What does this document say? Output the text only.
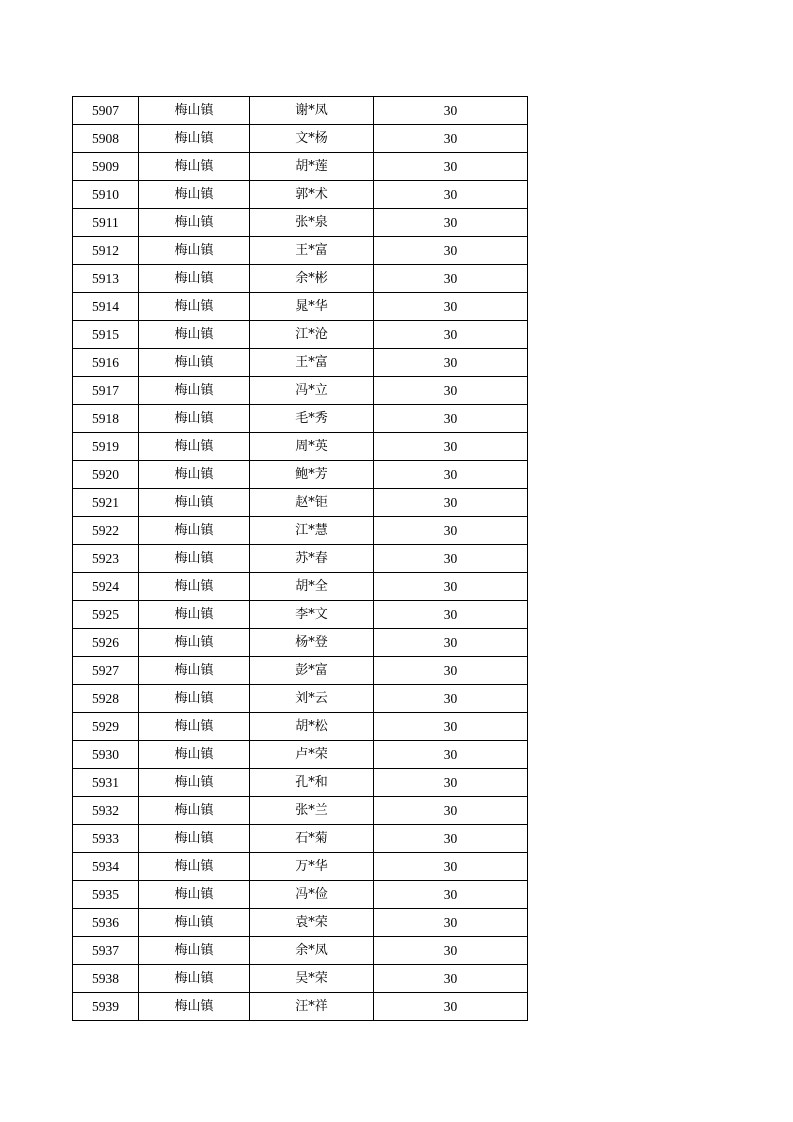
5907	梅山镇	谢*凤	30
5908	梅山镇	文*杨	30
5909	梅山镇	胡*莲	30
5910	梅山镇	郭*术	30
5911	梅山镇	张*泉	30
5912	梅山镇	王*富	30
5913	梅山镇	余*彬	30
5914	梅山镇	晁*华	30
5915	梅山镇	江*沧	30
5916	梅山镇	王*富	30
5917	梅山镇	冯*立	30
5918	梅山镇	毛*秀	30
5919	梅山镇	周*英	30
5920	梅山镇	鲍*芳	30
5921	梅山镇	赵*钜	30
5922	梅山镇	江*慧	30
5923	梅山镇	苏*春	30
5924	梅山镇	胡*全	30
5925	梅山镇	李*文	30
5926	梅山镇	杨*登	30
5927	梅山镇	彭*富	30
5928	梅山镇	刘*云	30
5929	梅山镇	胡*松	30
5930	梅山镇	卢*荣	30
5931	梅山镇	孔*和	30
5932	梅山镇	张*兰	30
5933	梅山镇	石*菊	30
5934	梅山镇	万*华	30
5935	梅山镇	冯*俭	30
5936	梅山镇	袁*荣	30
5937	梅山镇	余*凤	30
5938	梅山镇	吴*荣	30
5939	梅山镇	汪*祥	30
